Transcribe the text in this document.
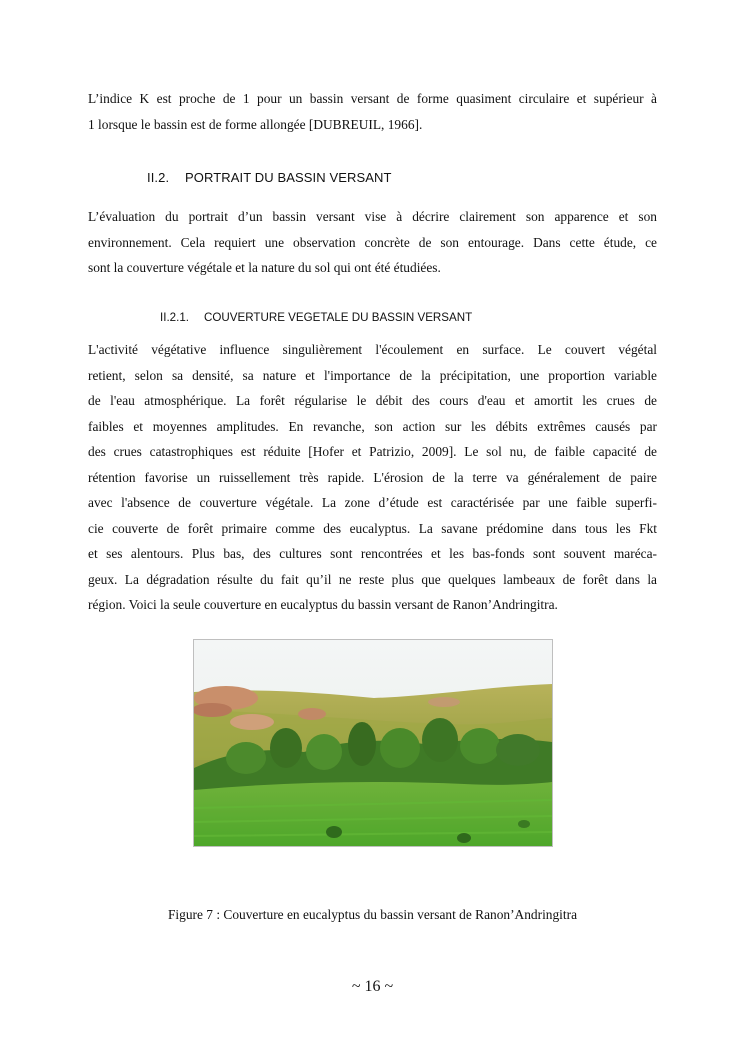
L’indice K est proche de 1 pour un bassin versant de forme quasiment circulaire et supérieur à
1 lorsque le bassin est de forme allongée [DUBREUIL, 1966].
II.2. PORTRAIT DU BASSIN VERSANT
L’évaluation du portrait d’un bassin versant vise à décrire clairement son apparence et son
environnement. Cela requiert une observation concrète de son entourage. Dans cette étude, ce
sont la couverture végétale et la nature du sol qui ont été étudiées.
II.2.1. COUVERTURE VEGETALE DU BASSIN VERSANT
L'activité végétative influence singulièrement l'écoulement en surface. Le couvert végétal
retient, selon sa densité, sa nature et l'importance de la précipitation, une proportion variable
de l'eau atmosphérique. La forêt régularise le débit des cours d'eau et amortit les crues de
faibles et moyennes amplitudes. En revanche, son action sur les débits extrêmes causés par
des crues catastrophiques est réduite [Hofer et Patrizio, 2009]. Le sol nu, de faible capacité de
rétention favorise un ruissellement très rapide. L'érosion de la terre va généralement de paire
avec l'absence de couverture végétale. La zone d’étude est caractérisée par une faible superfi-
cie couverte de forêt primaire comme des eucalyptus. La savane prédomine dans tous les Fkt
et ses alentours. Plus bas, des cultures sont rencontrées et les bas-fonds sont souvent maréca-
geux. La dégradation résulte du fait qu’il ne reste plus que quelques lambeaux de forêt dans la
région. Voici la seule couverture en eucalyptus du bassin versant de Ranon’Andringitra.

Figure 7 : Couverture en eucalyptus du bassin versant de Ranon’Andringitra

~ 16 ~
